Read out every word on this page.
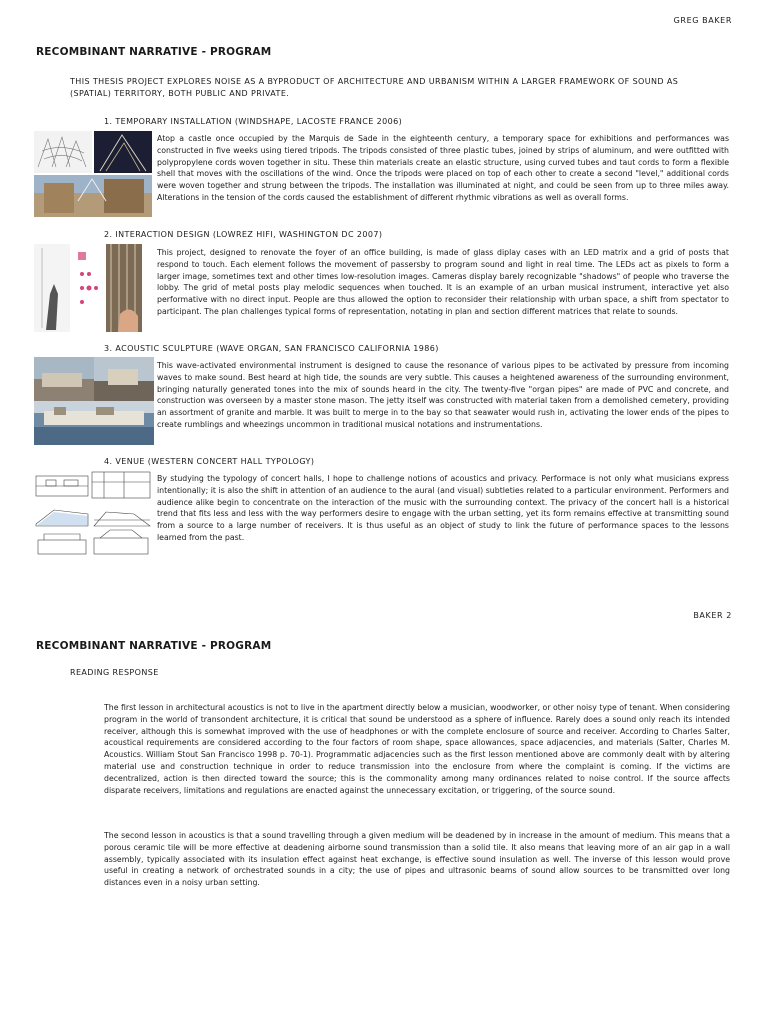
GREG BAKER
RECOMBINANT NARRATIVE - PROGRAM
THIS THESIS PROJECT EXPLORES NOISE AS A BYPRODUCT OF ARCHITECTURE AND URBANISM WITHIN A LARGER FRAMEWORK OF SOUND AS (SPATIAL) TERRITORY, BOTH PUBLIC AND PRIVATE.
1. TEMPORARY INSTALLATION (WINDSHAPE, LACOSTE FRANCE 2006)
Atop a castle once occupied by the Marquis de Sade in the eighteenth century, a temporary space for exhibitions and performances was constructed in five weeks using tiered tripods. The tripods consisted of three plastic tubes, joined by strips of aluminum, and were outfitted with polypropylene cords woven together in situ. These thin materials create an elastic structure, using curved tubes and taut cords to form a flexible shell that moves with the oscillations of the wind. Once the tripods were placed on top of each other to create a second "level," additional cords were woven together and strung between the tripods. The installation was illuminated at night, and could be seen from up to three miles away. Alterations in the tension of the cords caused the establishment of different rhythmic vibrations as well as overall forms.
2. INTERACTION DESIGN (LOWREZ HIFI, WASHINGTON DC 2007)
This project, designed to renovate the foyer of an office building, is made of glass diplay cases with an LED matrix and a grid of posts that respond to touch. Each element follows the movement of passersby to program sound and light in real time. The LEDs act as pixels to form a larger image, sometimes text and other times low-resolution images. Cameras display barely recognizable "shadows" of people who traverse the lobby. The grid of metal posts play melodic sequences when touched. It is an example of an urban musical instrument, interactive yet also performative with no direct input. People are thus allowed the option to reconsider their relationship with urban space, a shift from spectator to participant. The plan challenges typical forms of representation, notating in plan and section different matrices that relate to sounds.
3. ACOUSTIC SCULPTURE (WAVE ORGAN, SAN FRANCISCO CALIFORNIA 1986)
This wave-activated environmental instrument is designed to cause the resonance of various pipes to be activated by pressure from incoming waves to make sound. Best heard at high tide, the sounds are very subtle. This causes a heightened awareness of the surrounding environment, bringing naturally generated tones into the mix of sounds heard in the city. The twenty-five "organ pipes" are made of PVC and concrete, and construction was overseen by a master stone mason. The jetty itself was constructed with material taken from a demolished cemetery, providing an assortment of granite and marble. It was built to merge in to the bay so that seawater would rush in, activating the lower ends of the pipes to create rumblings and wheezings uncommon in traditional musical notations and instrumentations.
4. VENUE (WESTERN CONCERT HALL TYPOLOGY)
By studying the typology of concert halls, I hope to challenge notions of acoustics and privacy. Performace is not only what musicians express intentionally; it is also the shift in attention of an audience to the aural (and visual) subtleties related to a particular environment. Performers and audience alike begin to concentrate on the interaction of the music with the surrounding context. The privacy of the concert hall is a historical trend that fits less and less with the way performers desire to engage with the urban setting, yet its form remains effective at transmitting sound from a source to a large number of receivers. It is thus useful as an object of study to link the future of performance spaces to the lessons learned from the past.
BAKER 2
RECOMBINANT NARRATIVE - PROGRAM
READING RESPONSE
The first lesson in architectural acoustics is not to live in the apartment directly below a musician, woodworker, or other noisy type of tenant. When considering program in the world of transondent architecture, it is critical that sound be understood as a sphere of influence. Rarely does a sound only reach its intended receiver, although this is somewhat improved with the use of headphones or with the complete enclosure of source and receiver. According to Charles Salter, acoustical requirements are considered according to the four factors of room shape, space allowances, space adjacencies, and materials (Salter, Charles M. Acoustics. William Stout San Francisco 1998 p. 70-1). Programmatic adjacencies such as the first lesson mentioned above are commonly dealt with by altering material use and construction technique in order to reduce transmission into the enclosure from where the complaint is coming. If the victims are decentralized, action is then directed toward the source; this is the commonality among many ordinances related to noise control. If the source affects disparate receivers, limitations and regulations are enacted against the unnecessary excitation, or triggering, of the source sound.
The second lesson in acoustics is that a sound travelling through a given medium will be deadened by in increase in the amount of medium. This means that a porous ceramic tile will be more effective at deadening airborne sound transmission than a solid tile. It also means that leaving more of an air gap in a wall assembly, typically associated with its insulation effect against heat exchange, is effective sound insulation as well. The inverse of this lesson would prove useful in creating a network of orchestrated sounds in a city; the use of pipes and ultrasonic beams of sound allow sources to be transmitted over long distances even in a noisy urban setting.
